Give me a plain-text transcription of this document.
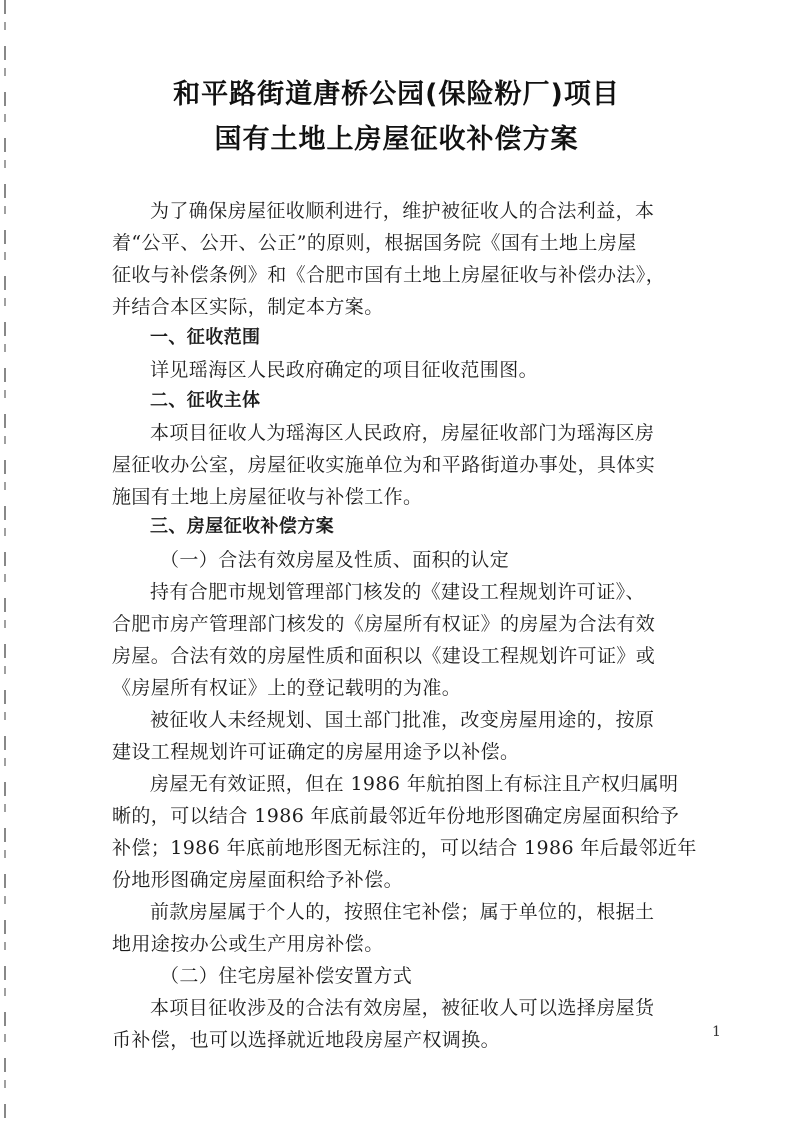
和平路街道唐桥公园(保险粉厂)项目
国有土地上房屋征收补偿方案
为了确保房屋征收顺利进行，维护被征收人的合法利益，本
着“公平、公开、公正”的原则，根据国务院《国有土地上房屋
征收与补偿条例》和《合肥市国有土地上房屋征收与补偿办法》，
并结合本区实际，制定本方案。
一、征收范围
详见瑶海区人民政府确定的项目征收范围图。
二、征收主体
本项目征收人为瑶海区人民政府，房屋征收部门为瑶海区房
屋征收办公室，房屋征收实施单位为和平路街道办事处，具体实
施国有土地上房屋征收与补偿工作。
三、房屋征收补偿方案
（一）合法有效房屋及性质、面积的认定
持有合肥市规划管理部门核发的《建设工程规划许可证》、
合肥市房产管理部门核发的《房屋所有权证》的房屋为合法有效
房屋。合法有效的房屋性质和面积以《建设工程规划许可证》或
《房屋所有权证》上的登记载明的为准。
被征收人未经规划、国土部门批准，改变房屋用途的，按原
建设工程规划许可证确定的房屋用途予以补偿。
房屋无有效证照，但在 1986 年航拍图上有标注且产权归属明
晰的，可以结合 1986 年底前最邻近年份地形图确定房屋面积给予
补偿；1986 年底前地形图无标注的，可以结合 1986 年后最邻近年
份地形图确定房屋面积给予补偿。
前款房屋属于个人的，按照住宅补偿；属于单位的，根据土
地用途按办公或生产用房补偿。
（二）住宅房屋补偿安置方式
本项目征收涉及的合法有效房屋，被征收人可以选择房屋货
币补偿，也可以选择就近地段房屋产权调换。	1
